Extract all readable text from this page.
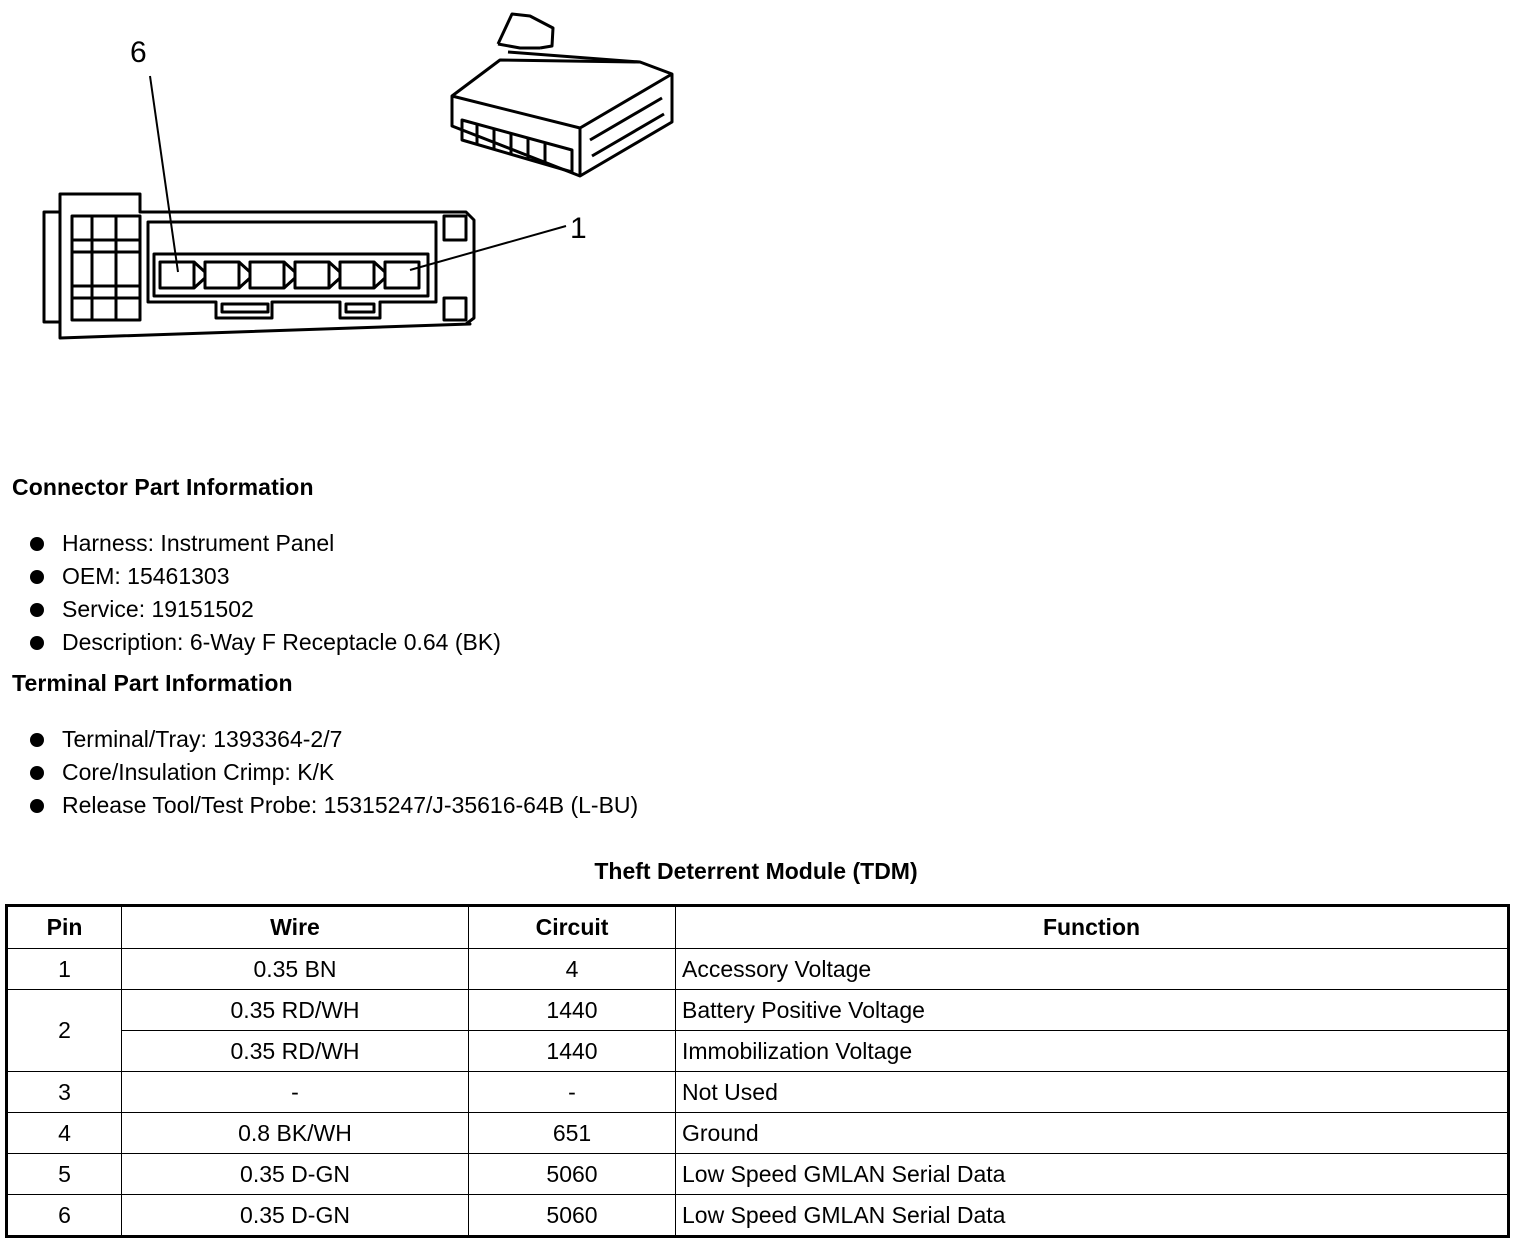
6
1
Connector Part Information
Harness: Instrument Panel
OEM: 15461303
Service: 19151502
Description: 6-Way F Receptacle 0.64 (BK)
Terminal Part Information
Terminal/Tray: 1393364-2/7
Core/Insulation Crimp: K/K
Release Tool/Test Probe: 15315247/J-35616-64B (L-BU)
Theft Deterrent Module (TDM)
Pin	Wire	Circuit	Function
1	0.35 BN	4	Accessory Voltage
2	0.35 RD/WH	1440	Battery Positive Voltage
	0.35 RD/WH	1440	Immobilization Voltage
3	-	-	Not Used
4	0.8 BK/WH	651	Ground
5	0.35 D-GN	5060	Low Speed GMLAN Serial Data
6	0.35 D-GN	5060	Low Speed GMLAN Serial Data
